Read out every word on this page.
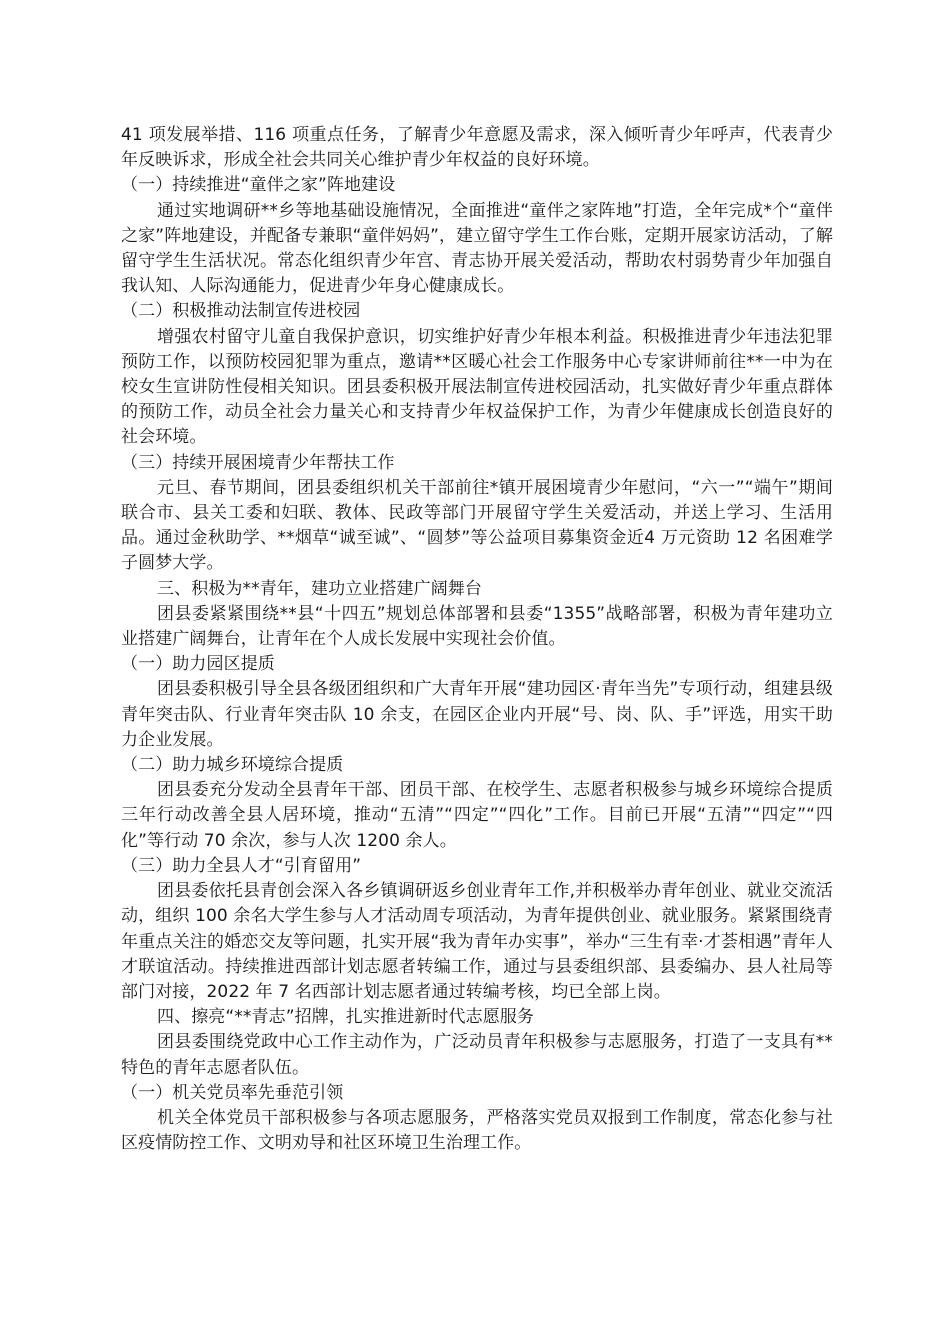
41 项发展举措、116 项重点任务，了解青少年意愿及需求，深入倾听青少年呼声，代表青少年反映诉求，形成全社会共同关心维护青少年权益的良好环境。

（一）持续推进“童伴之家”阵地建设

通过实地调研**乡等地基础设施情况，全面推进“童伴之家阵地”打造，全年完成*个“童伴之家”阵地建设，并配备专兼职“童伴妈妈”，建立留守学生工作台账，定期开展家访活动，了解留守学生生活状况。常态化组织青少年宫、青志协开展关爱活动，帮助农村弱势青少年加强自我认知、人际沟通能力，促进青少年身心健康成长。

（二）积极推动法制宣传进校园

增强农村留守儿童自我保护意识，切实维护好青少年根本利益。积极推进青少年违法犯罪预防工作，以预防校园犯罪为重点，邀请**区暖心社会工作服务中心专家讲师前往**一中为在校女生宣讲防性侵相关知识。团县委积极开展法制宣传进校园活动，扎实做好青少年重点群体的预防工作，动员全社会力量关心和支持青少年权益保护工作，为青少年健康成长创造良好的社会环境。

（三）持续开展困境青少年帮扶工作

元旦、春节期间，团县委组织机关干部前往*镇开展困境青少年慰问，“六一”“端午”期间联合市、县关工委和妇联、教体、民政等部门开展留守学生关爱活动，并送上学习、生活用品。通过金秋助学、**烟草“诚至诚”、“圆梦”等公益项目募集资金近4 万元资助 12 名困难学子圆梦大学。

三、积极为**青年，建功立业搭建广阔舞台

团县委紧紧围绕**县“十四五”规划总体部署和县委“1355”战略部署，积极为青年建功立业搭建广阔舞台，让青年在个人成长发展中实现社会价值。

（一）助力园区提质

团县委积极引导全县各级团组织和广大青年开展“建功园区·青年当先”专项行动，组建县级青年突击队、行业青年突击队 10 余支，在园区企业内开展“号、岗、队、手”评选，用实干助力企业发展。

（二）助力城乡环境综合提质

团县委充分发动全县青年干部、团员干部、在校学生、志愿者积极参与城乡环境综合提质三年行动改善全县人居环境，推动“五清”“四定”“四化”工作。目前已开展“五清”“四定”“四化”等行动 70 余次，参与人次 1200 余人。

（三）助力全县人才“引育留用”

团县委依托县青创会深入各乡镇调研返乡创业青年工作,并积极举办青年创业、就业交流活动，组织 100 余名大学生参与人才活动周专项活动，为青年提供创业、就业服务。紧紧围绕青年重点关注的婚恋交友等问题，扎实开展“我为青年办实事”，举办“三生有幸·才荟相遇”青年人才联谊活动。持续推进西部计划志愿者转编工作，通过与县委组织部、县委编办、县人社局等部门对接，2022 年 7 名西部计划志愿者通过转编考核，均已全部上岗。

四、擦亮“**青志”招牌，扎实推进新时代志愿服务

团县委围绕党政中心工作主动作为，广泛动员青年积极参与志愿服务，打造了一支具有**特色的青年志愿者队伍。

（一）机关党员率先垂范引领

机关全体党员干部积极参与各项志愿服务，严格落实党员双报到工作制度，常态化参与社区疫情防控工作、文明劝导和社区环境卫生治理工作。
